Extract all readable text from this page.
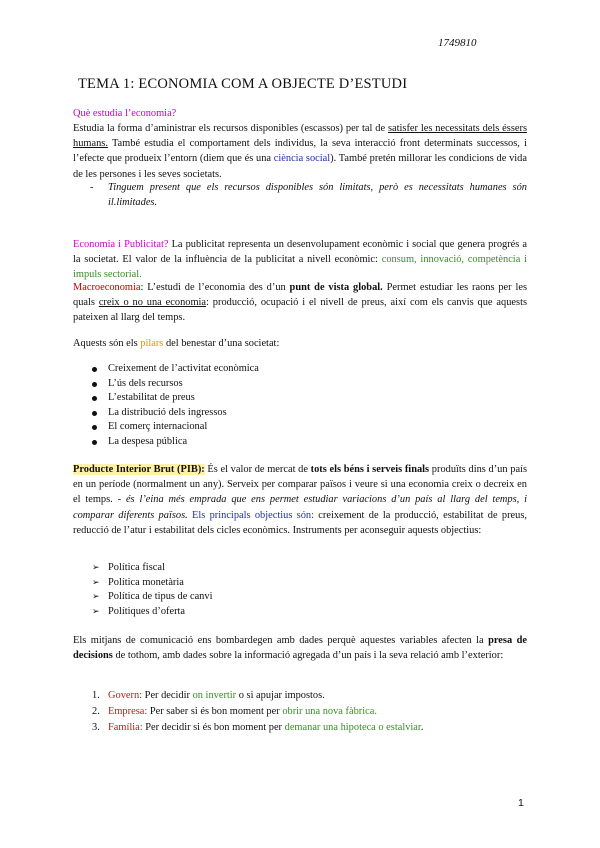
1749810
TEMA 1: ECONOMIA COM A OBJECTE D’ESTUDI

Què estudia l’economia?

Estudia la forma d’aministrar els recursos disponibles (escassos) per tal de satisfer les necessitats dels éssers humans. També estudia el comportament dels individus, la seva interacció front determinats successos, i l’efecte que produeix l’entorn (diem que és una ciència social). També pretén millorar les condicions de vida de les persones i les seves societats.

- Tinguem present que els recursos disponibles són limitats, però es necessitats humanes són il.limitades.

Economia i Publicitat? La publicitat representa un desenvolupament econòmic i social que genera progrés a la societat. El valor de la influència de la publicitat a nivell econòmic: consum, innovació, competència i impuls sectorial.

Macroeconomia: L’estudi de l’economia des d’un punt de vista global. Permet estudiar les raons per les quals creix o no una economia: producció, ocupació i el nivell de preus, així com els canvis que aquests pateixen al llarg del temps.

Aquests són els pilars del benestar d’una societat:

Creixement de l’activitat econòmica
L’ús dels recursos
L’estabilitat de preus
La distribució dels ingressos
El comerç internacional
La despesa pública

Producte Interior Brut (PIB): És el valor de mercat de tots els béns i serveis finals produïts dins d’un país en un període (normalment un any). Serveix per comparar països i veure si una economia creix o decreix en el temps. - és l’eina més emprada que ens permet estudiar variacions d’un país al llarg del temps, i comparar diferents països. Els principals objectius són: creixement de la producció, estabilitat de preus, reducció de l’atur i estabilitat dels cicles econòmics. Instruments per aconseguir aquests objectius:

➢ Política fiscal
➢ Política monetària
➢ Política de tipus de canvi
➢ Polítiques d’oferta

Els mitjans de comunicació ens bombardegen amb dades perquè aquestes variables afecten la presa de decisions de tothom, amb dades sobre la informació agregada d’un país i la seva relació amb l’exterior:

1. Govern: Per decidir on invertir o si apujar impostos.
2. Empresa: Per saber si és bon moment per obrir una nova fàbrica.
3. Família: Per decidir si és bon moment per demanar una hipoteca o estalviar.
1
